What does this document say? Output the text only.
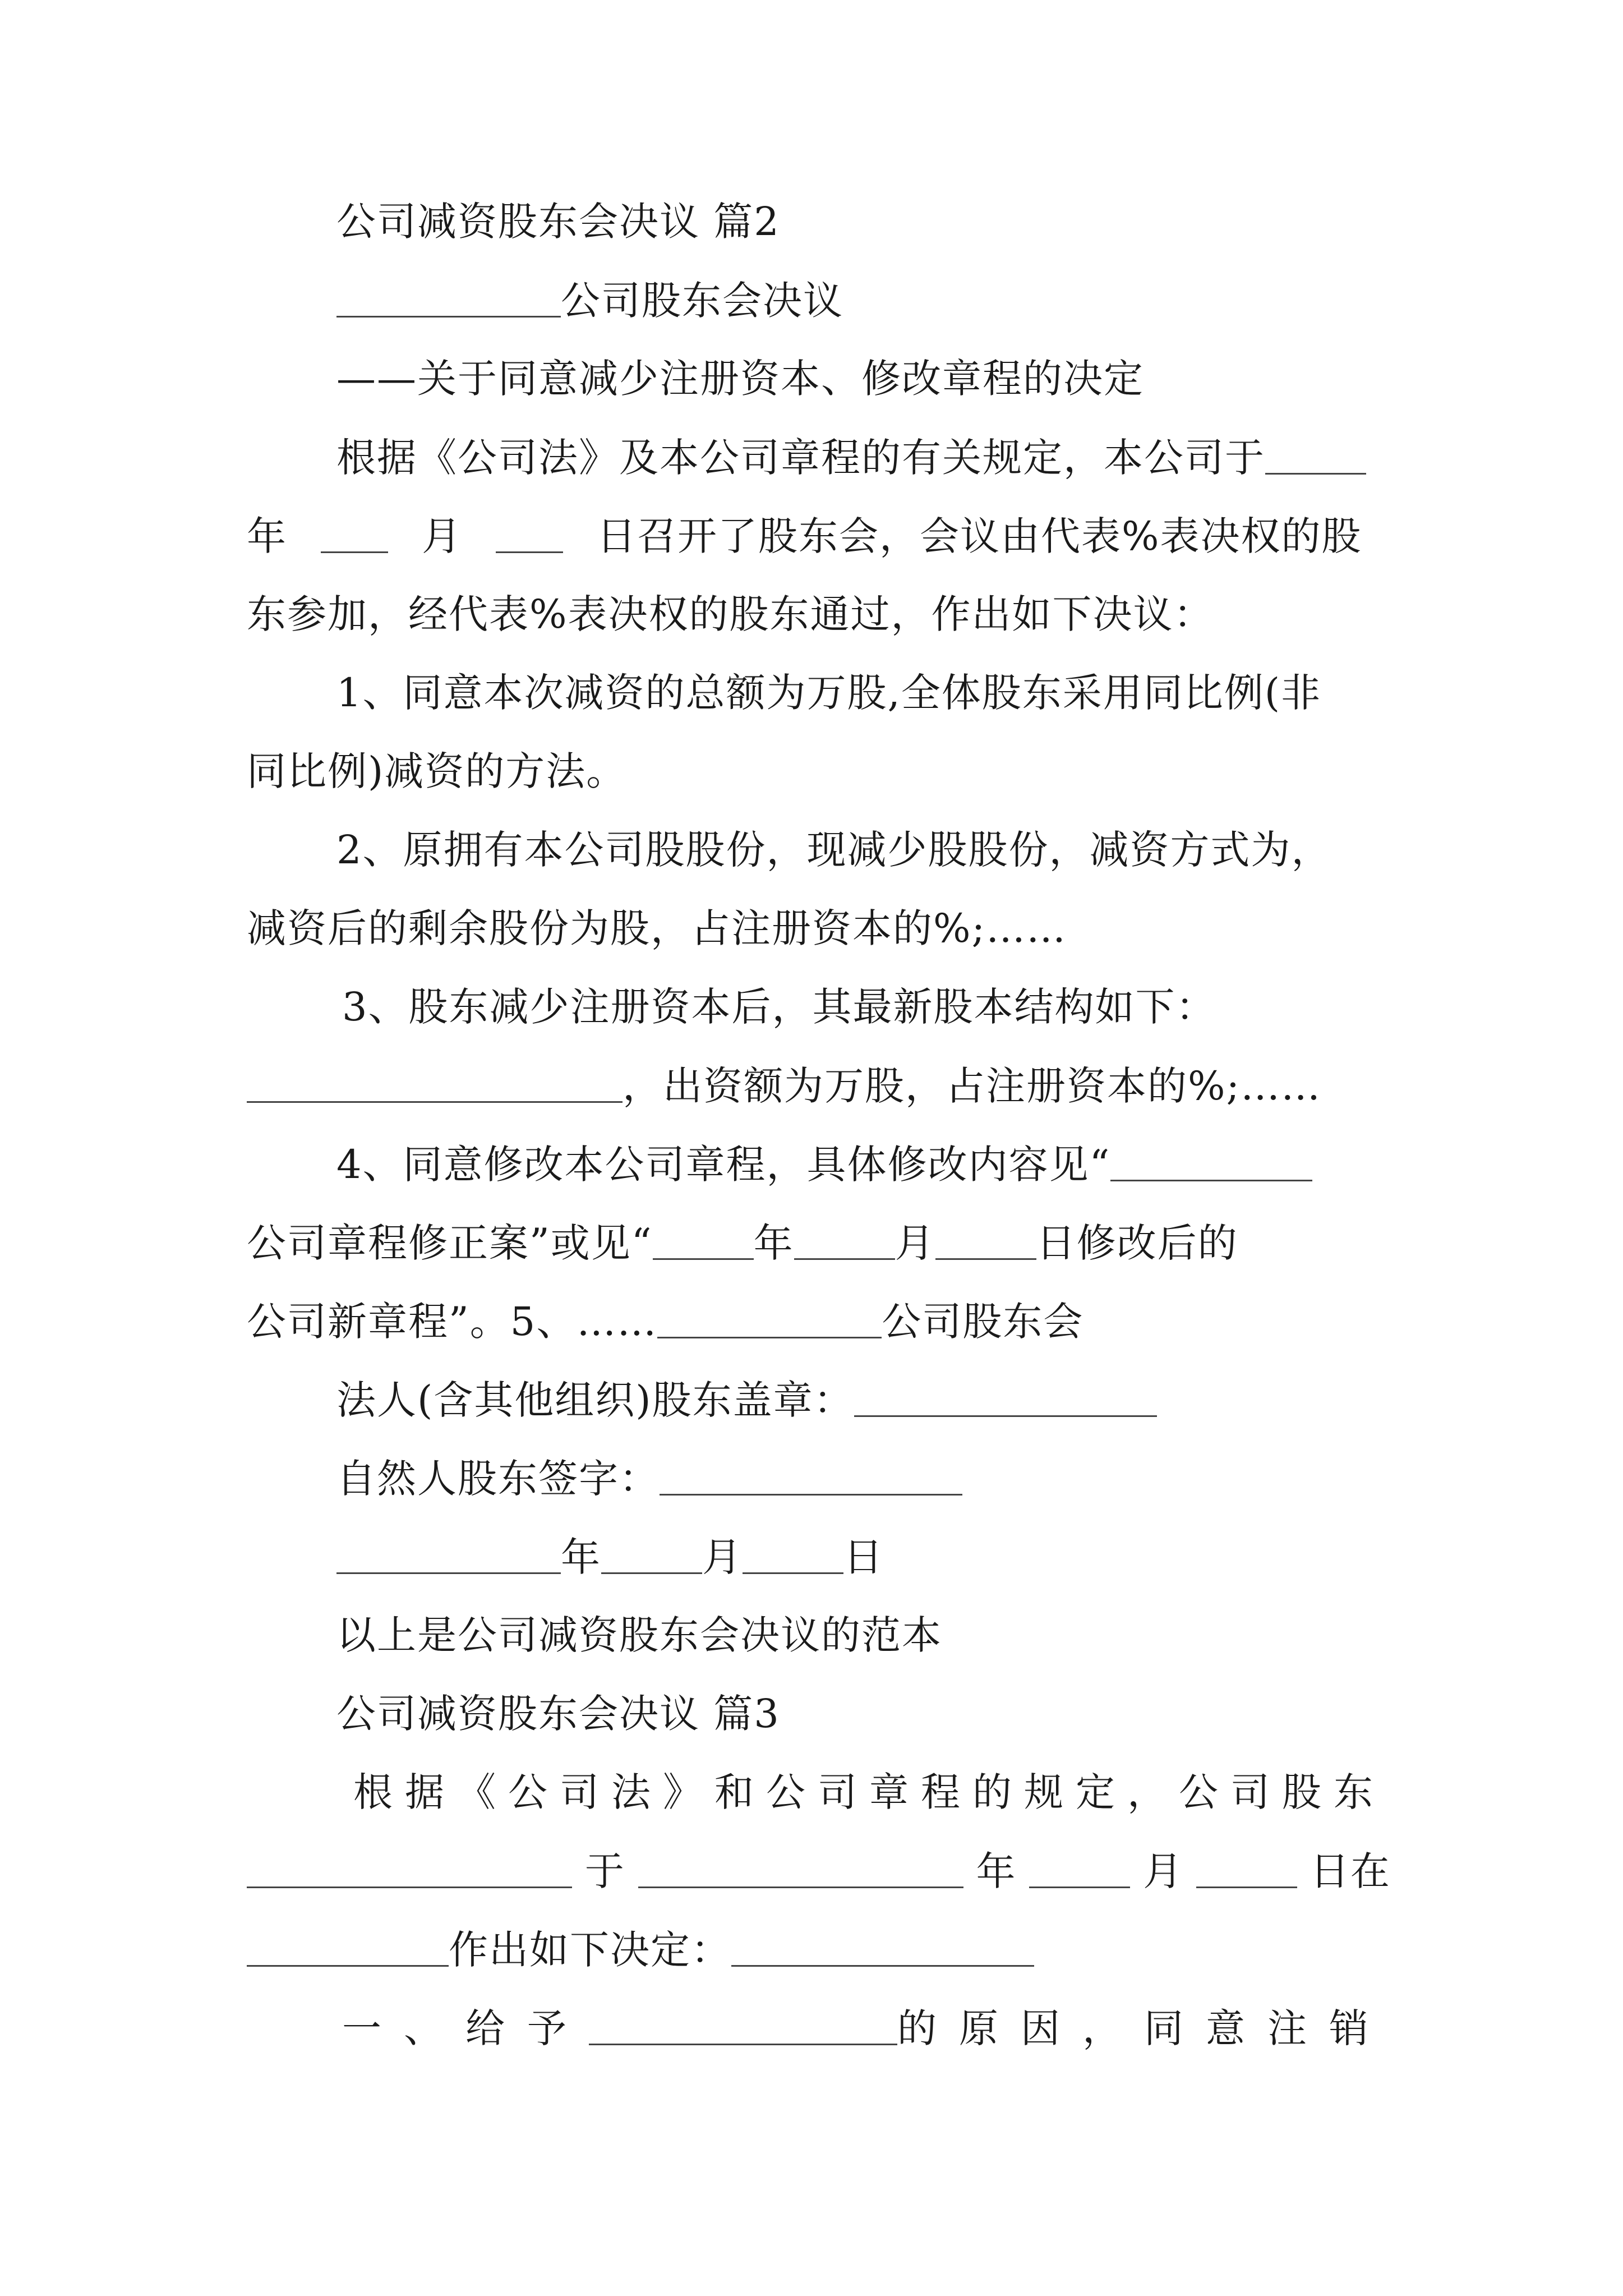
公司减资股东会决议 篇2
公司股东会决议
——关于同意减少注册资本、修改章程的决定
根据《公司法》及本公司章程的有关规定，本公司于
年	月	日召开了股东会，会议由代表%表决权的股
东参加，经代表%表决权的股东通过，作出如下决议：
1、同意本次减资的总额为万股,全体股东采用同比例(非
同比例)减资的方法。
2、原拥有本公司股股份，现减少股股份，减资方式为，
减资后的剩余股份为股，占注册资本的%;……
3、股东减少注册资本后，其最新股本结构如下：
，出资额为万股，占注册资本的%;……
4、同意修改本公司章程，具体修改内容见“
公司章程修正案”或见“	年	月	日修改后的
公司新章程”。5、……	公司股东会
法人(含其他组织)股东盖章：
自然人股东签字：
年	月	日
以上是公司减资股东会决议的范本
公司减资股东会决议 篇3
根据《公司法》和公司章程的规定，公司股东
于	年	月	日在
作出如下决定：
一、给予	的原因，同意注销
